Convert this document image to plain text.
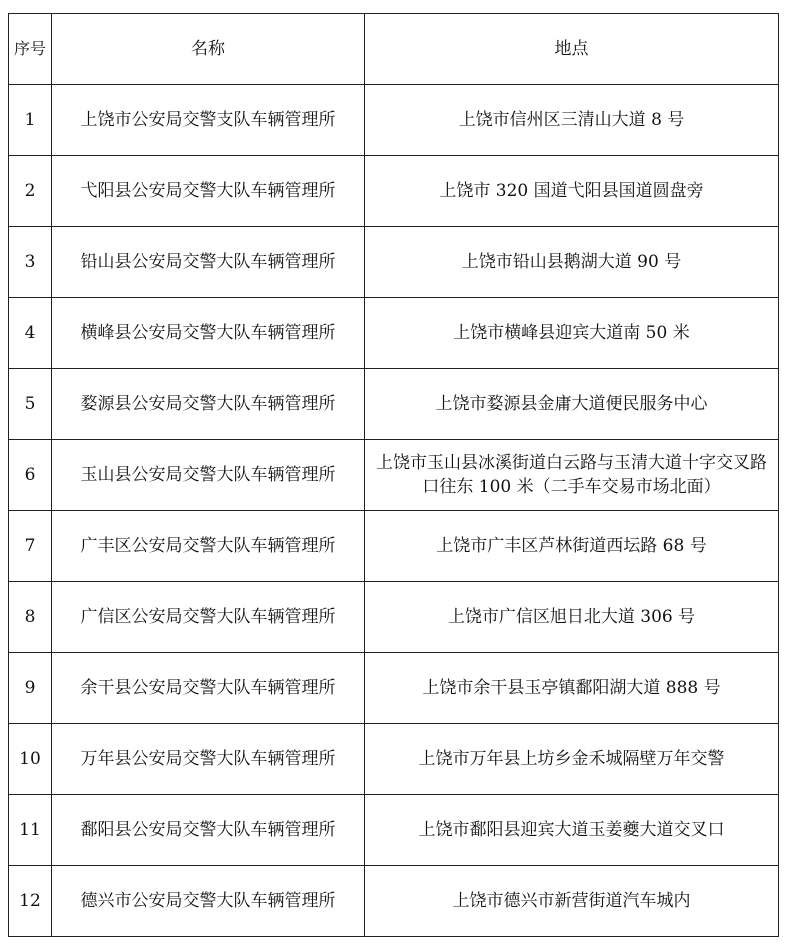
序号	名称	地点
1	上饶市公安局交警支队车辆管理所	上饶市信州区三清山大道 8 号
2	弋阳县公安局交警大队车辆管理所	上饶市 320 国道弋阳县国道圆盘旁
3	铅山县公安局交警大队车辆管理所	上饶市铅山县鹅湖大道 90 号
4	横峰县公安局交警大队车辆管理所	上饶市横峰县迎宾大道南 50 米
5	婺源县公安局交警大队车辆管理所	上饶市婺源县金庸大道便民服务中心
6	玉山县公安局交警大队车辆管理所	上饶市玉山县冰溪街道白云路与玉清大道十字交叉路口往东 100 米（二手车交易市场北面）
7	广丰区公安局交警大队车辆管理所	上饶市广丰区芦林街道西坛路 68 号
8	广信区公安局交警大队车辆管理所	上饶市广信区旭日北大道 306 号
9	余干县公安局交警大队车辆管理所	上饶市余干县玉亭镇鄱阳湖大道 888 号
10	万年县公安局交警大队车辆管理所	上饶市万年县上坊乡金禾城隔壁万年交警
11	鄱阳县公安局交警大队车辆管理所	上饶市鄱阳县迎宾大道玉姜夔大道交叉口
12	德兴市公安局交警大队车辆管理所	上饶市德兴市新营街道汽车城内
